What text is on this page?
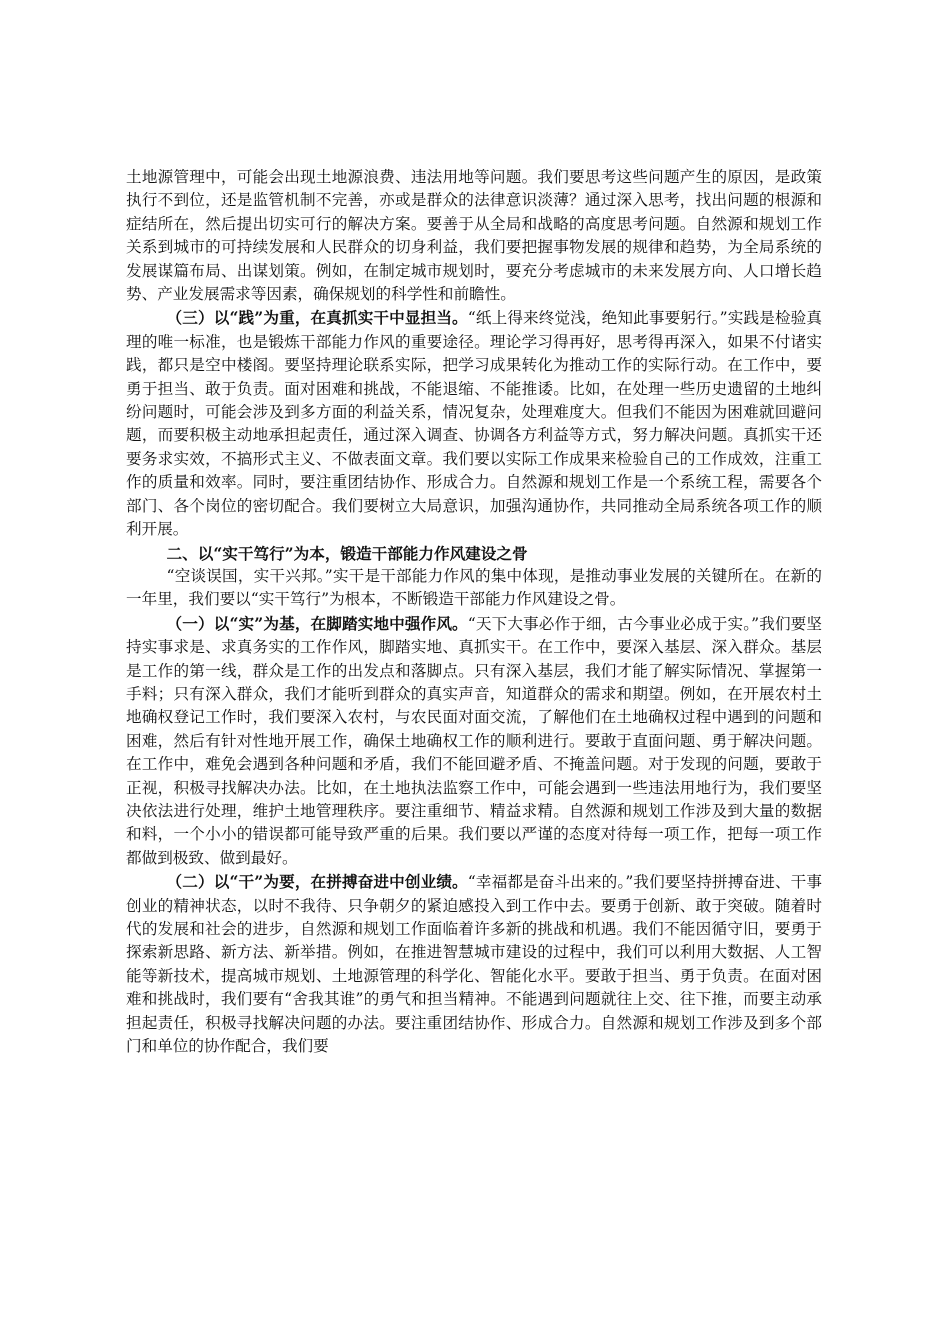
土地源管理中，可能会出现土地源浪费、违法用地等问题。我们要思考这些问题产生的原因，是政策执行不到位，还是监管机制不完善，亦或是群众的法律意识淡薄？通过深入思考，找出问题的根源和症结所在，然后提出切实可行的解决方案。要善于从全局和战略的高度思考问题。自然源和规划工作关系到城市的可持续发展和人民群众的切身利益，我们要把握事物发展的规律和趋势，为全局系统的发展谋篇布局、出谋划策。例如，在制定城市规划时，要充分考虑城市的未来发展方向、人口增长趋势、产业发展需求等因素，确保规划的科学性和前瞻性。

（三）以“践”为重，在真抓实干中显担当。“纸上得来终觉浅，绝知此事要躬行。”实践是检验真理的唯一标准，也是锻炼干部能力作风的重要途径。理论学习得再好，思考得再深入，如果不付诸实践，都只是空中楼阁。要坚持理论联系实际，把学习成果转化为推动工作的实际行动。在工作中，要勇于担当、敢于负责。面对困难和挑战，不能退缩、不能推诿。比如，在处理一些历史遗留的土地纠纷问题时，可能会涉及到多方面的利益关系，情况复杂，处理难度大。但我们不能因为困难就回避问题，而要积极主动地承担起责任，通过深入调查、协调各方利益等方式，努力解决问题。真抓实干还要务求实效，不搞形式主义、不做表面文章。我们要以实际工作成果来检验自己的工作成效，注重工作的质量和效率。同时，要注重团结协作、形成合力。自然源和规划工作是一个系统工程，需要各个部门、各个岗位的密切配合。我们要树立大局意识，加强沟通协作，共同推动全局系统各项工作的顺利开展。

二、以“实干笃行”为本，锻造干部能力作风建设之骨

“空谈误国，实干兴邦。”实干是干部能力作风的集中体现，是推动事业发展的关键所在。在新的一年里，我们要以“实干笃行”为根本，不断锻造干部能力作风建设之骨。

（一）以“实”为基，在脚踏实地中强作风。“天下大事必作于细，古今事业必成于实。”我们要坚持实事求是、求真务实的工作作风，脚踏实地、真抓实干。在工作中，要深入基层、深入群众。基层是工作的第一线，群众是工作的出发点和落脚点。只有深入基层，我们才能了解实际情况、掌握第一手料；只有深入群众，我们才能听到群众的真实声音，知道群众的需求和期望。例如，在开展农村土地确权登记工作时，我们要深入农村，与农民面对面交流，了解他们在土地确权过程中遇到的问题和困难，然后有针对性地开展工作，确保土地确权工作的顺利进行。要敢于直面问题、勇于解决问题。在工作中，难免会遇到各种问题和矛盾，我们不能回避矛盾、不掩盖问题。对于发现的问题，要敢于正视，积极寻找解决办法。比如，在土地执法监察工作中，可能会遇到一些违法用地行为，我们要坚决依法进行处理，维护土地管理秩序。要注重细节、精益求精。自然源和规划工作涉及到大量的数据和料，一个小小的错误都可能导致严重的后果。我们要以严谨的态度对待每一项工作，把每一项工作都做到极致、做到最好。

（二）以“干”为要，在拼搏奋进中创业绩。“幸福都是奋斗出来的。”我们要坚持拼搏奋进、干事创业的精神状态，以时不我待、只争朝夕的紧迫感投入到工作中去。要勇于创新、敢于突破。随着时代的发展和社会的进步，自然源和规划工作面临着许多新的挑战和机遇。我们不能因循守旧，要勇于探索新思路、新方法、新举措。例如，在推进智慧城市建设的过程中，我们可以利用大数据、人工智能等新技术，提高城市规划、土地源管理的科学化、智能化水平。要敢于担当、勇于负责。在面对困难和挑战时，我们要有“舍我其谁”的勇气和担当精神。不能遇到问题就往上交、往下推，而要主动承担起责任，积极寻找解决问题的办法。要注重团结协作、形成合力。自然源和规划工作涉及到多个部门和单位的协作配合，我们要
